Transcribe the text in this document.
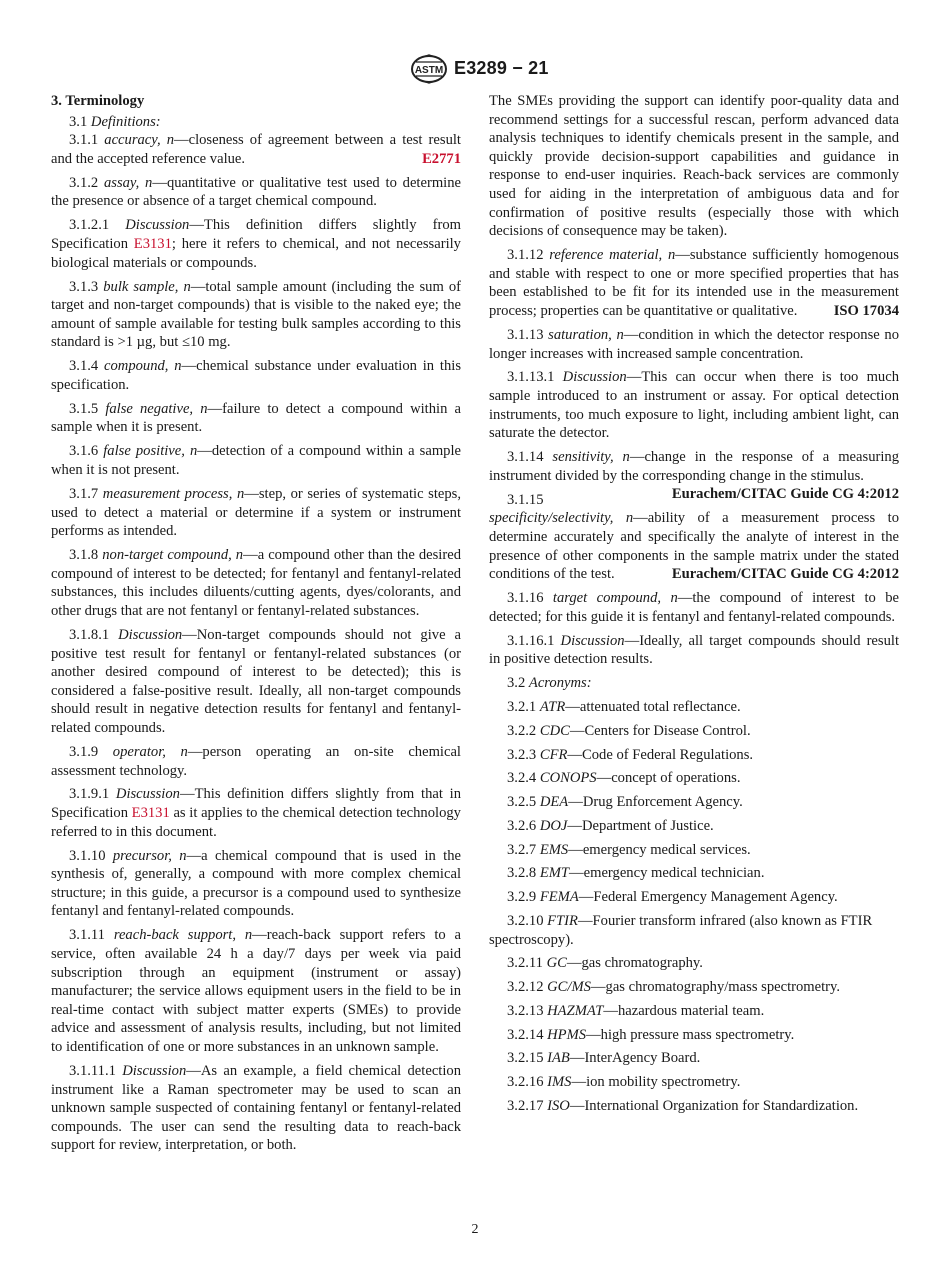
ASTM E3289 − 21
3. Terminology

3.1 Definitions:

3.1.1 accuracy, n—closeness of agreement between a test result and the accepted reference value.	E2771

3.1.2 assay, n—quantitative or qualitative test used to determine the presence or absence of a target chemical compound.

3.1.2.1 Discussion—This definition differs slightly from Specification E3131; here it refers to chemical, and not necessarily biological materials or compounds.

3.1.3 bulk sample, n—total sample amount (including the sum of target and non-target compounds) that is visible to the naked eye; the amount of sample available for testing bulk samples according to this standard is >1 µg, but ≤10 mg.

3.1.4 compound, n—chemical substance under evaluation in this specification.

3.1.5 false negative, n—failure to detect a compound within a sample when it is present.

3.1.6 false positive, n—detection of a compound within a sample when it is not present.

3.1.7 measurement process, n—step, or series of systematic steps, used to detect a material or determine if a system or instrument performs as intended.

3.1.8 non-target compound, n—a compound other than the desired compound of interest to be detected; for fentanyl and fentanyl-related substances, this includes diluents/cutting agents, dyes/colorants, and other drugs that are not fentanyl or fentanyl-related substances.

3.1.8.1 Discussion—Non-target compounds should not give a positive test result for fentanyl or fentanyl-related substances (or another desired compound of interest to be detected); this is considered a false-positive result. Ideally, all non-target compounds should result in negative detection results for fentanyl and fentanyl-related compounds.

3.1.9 operator, n—person operating an on-site chemical assessment technology.

3.1.9.1 Discussion—This definition differs slightly from that in Specification E3131 as it applies to the chemical detection technology referred to in this document.

3.1.10 precursor, n—a chemical compound that is used in the synthesis of, generally, a compound with more complex chemical structure; in this guide, a precursor is a compound used to synthesize fentanyl and fentanyl-related compounds.

3.1.11 reach-back support, n—reach-back support refers to a service, often available 24 h a day/7 days per week via paid subscription through an equipment (instrument or assay) manufacturer; the service allows equipment users in the field to be in real-time contact with subject matter experts (SMEs) to provide advice and assessment of analysis results, including, but not limited to identification of one or more substances in an unknown sample.

3.1.11.1 Discussion—As an example, a field chemical detection instrument like a Raman spectrometer may be used to scan an unknown sample suspected of containing fentanyl or fentanyl-related compounds. The user can send the resulting data to reach-back support for review, interpretation, or both.

The SMEs providing the support can identify poor-quality data and recommend settings for a successful rescan, perform advanced data analysis techniques to identify chemicals present in the sample, and quickly provide decision-support capabilities and guidance in response to end-user inquiries. Reach-back services are commonly used for aiding in the interpretation of ambiguous data and for confirmation of positive results (especially those with which decisions of consequence may be taken).

3.1.12 reference material, n—substance sufficiently homogenous and stable with respect to one or more specified properties that has been established to be fit for its intended use in the measurement process; properties can be quantitative or qualitative.	ISO 17034

3.1.13 saturation, n—condition in which the detector response no longer increases with increased sample concentration.

3.1.13.1 Discussion—This can occur when there is too much sample introduced to an instrument or assay. For optical detection instruments, too much exposure to light, including ambient light, can saturate the detector.

3.1.14 sensitivity, n—change in the response of a measuring instrument divided by the corresponding change in the stimulus.
Eurachem/CITAC Guide CG 4:2012

3.1.15 specificity/selectivity, n—ability of a measurement process to determine accurately and specifically the analyte of interest in the presence of other components in the sample matrix under the stated conditions of the test.	Eurachem/CITAC Guide CG 4:2012

3.1.16 target compound, n—the compound of interest to be detected; for this guide it is fentanyl and fentanyl-related compounds.

3.1.16.1 Discussion—Ideally, all target compounds should result in positive detection results.

3.2 Acronyms:

3.2.1 ATR—attenuated total reflectance.

3.2.2 CDC—Centers for Disease Control.

3.2.3 CFR—Code of Federal Regulations.

3.2.4 CONOPS—concept of operations.

3.2.5 DEA—Drug Enforcement Agency.

3.2.6 DOJ—Department of Justice.

3.2.7 EMS—emergency medical services.

3.2.8 EMT—emergency medical technician.

3.2.9 FEMA—Federal Emergency Management Agency.

3.2.10 FTIR—Fourier transform infrared (also known as FTIR spectroscopy).

3.2.11 GC—gas chromatography.

3.2.12 GC/MS—gas chromatography/mass spectrometry.

3.2.13 HAZMAT—hazardous material team.

3.2.14 HPMS—high pressure mass spectrometry.

3.2.15 IAB—InterAgency Board.

3.2.16 IMS—ion mobility spectrometry.

3.2.17 ISO—International Organization for Standardization.

2
